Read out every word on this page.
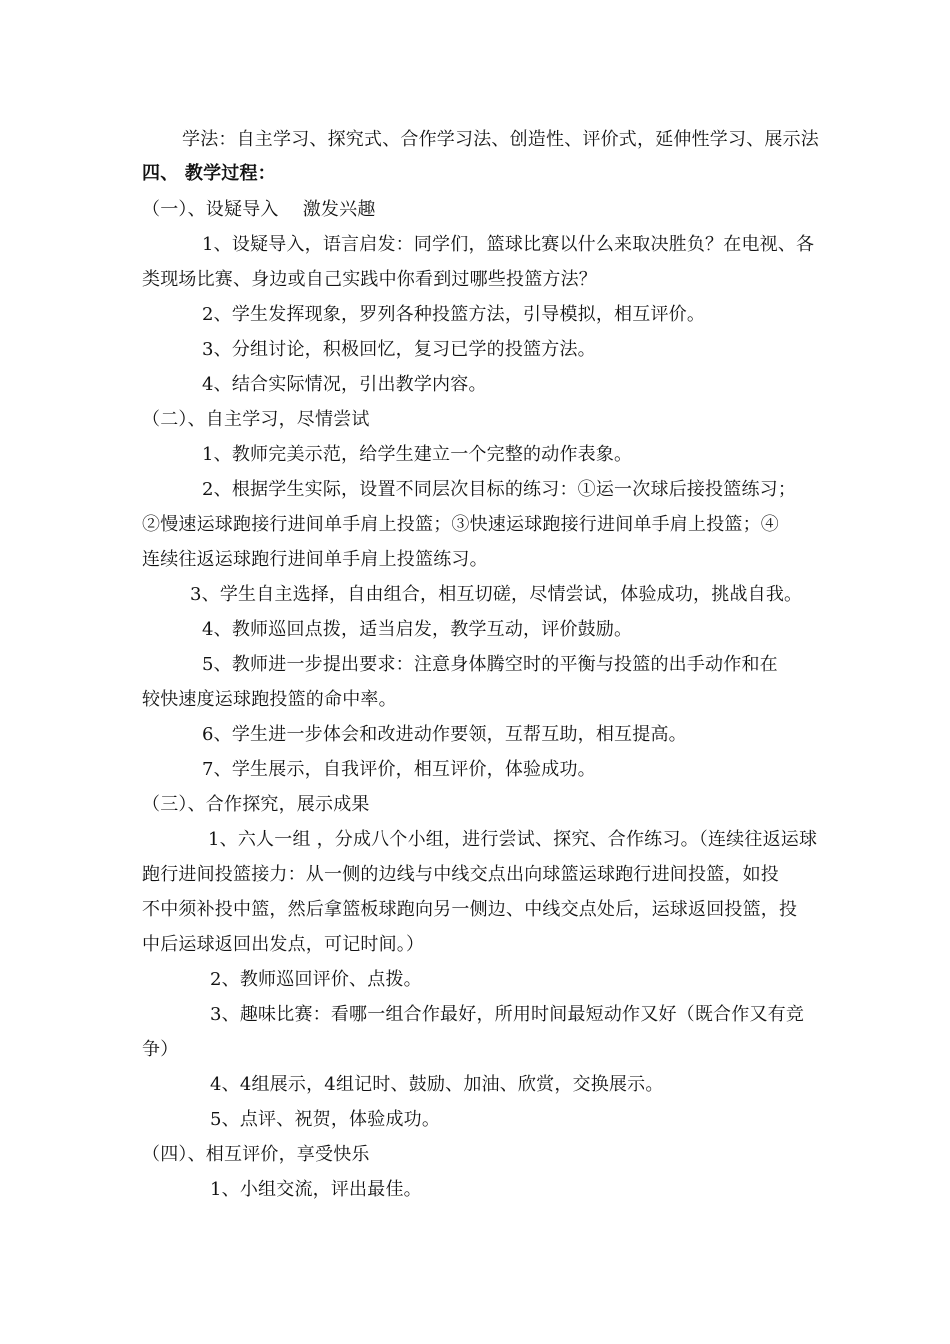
学法：自主学习、探究式、合作学习法、创造性、评价式，延伸性学习、展示法
四、 教学过程：
（一）、设疑导入　 激发兴趣
1、设疑导入，语言启发：同学们，篮球比赛以什么来取决胜负？在电视、各
类现场比赛、身边或自己实践中你看到过哪些投篮方法？
2、学生发挥现象，罗列各种投篮方法，引导模拟，相互评价。
3、分组讨论，积极回忆，复习已学的投篮方法。
4、结合实际情况，引出教学内容。
（二）、自主学习，尽情尝试
1、教师完美示范，给学生建立一个完整的动作表象。
2、根据学生实际，设置不同层次目标的练习：①运一次球后接投篮练习；
②慢速运球跑接行进间单手肩上投篮；③快速运球跑接行进间单手肩上投篮；④
连续往返运球跑行进间单手肩上投篮练习。
3、学生自主选择，自由组合，相互切磋，尽情尝试，体验成功，挑战自我。
4、教师巡回点拨，适当启发，教学互动，评价鼓励。
5、教师进一步提出要求：注意身体腾空时的平衡与投篮的出手动作和在
较快速度运球跑投篮的命中率。
6、学生进一步体会和改进动作要领，互帮互助，相互提高。
7、学生展示，自我评价，相互评价，体验成功。
（三）、合作探究，展示成果
1、六人一组 ，分成八个小组，进行尝试、探究、合作练习。（连续往返运球
跑行进间投篮接力：从一侧的边线与中线交点出向球篮运球跑行进间投篮，如投
不中须补投中篮，然后拿篮板球跑向另一侧边、中线交点处后，运球返回投篮，投
中后运球返回出发点，可记时间。）
2、教师巡回评价、点拨。
3、趣味比赛：看哪一组合作最好，所用时间最短动作又好（既合作又有竞
争）
4、4组展示，4组记时、鼓励、加油、欣赏，交换展示。
5、点评、祝贺，体验成功。
（四）、相互评价，享受快乐
1、小组交流，评出最佳。
